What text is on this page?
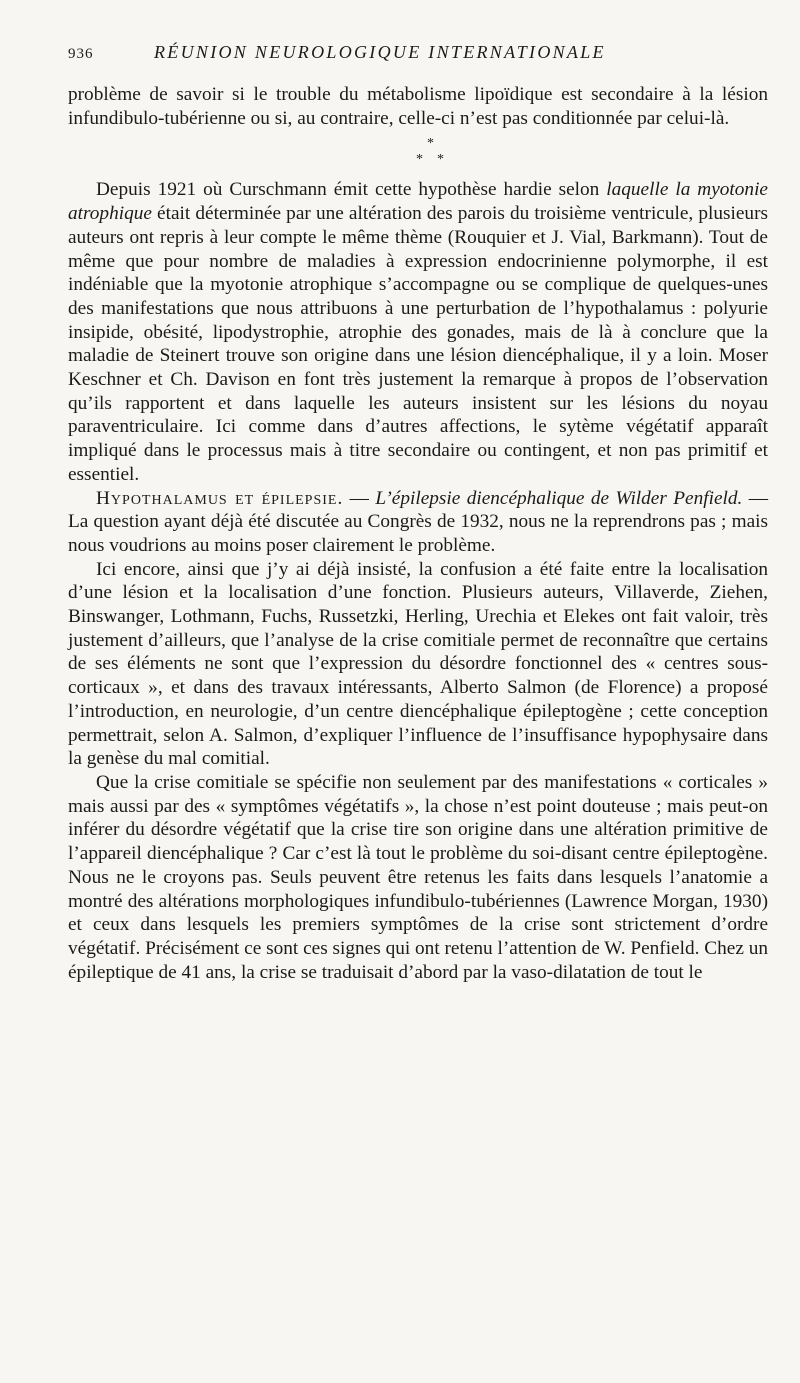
936	RÉUNION NEUROLOGIQUE INTERNATIONALE

problème de savoir si le trouble du métabolisme lipoïdique est secondaire à la lésion infundibulo-tubérienne ou si, au contraire, celle-ci n’est pas conditionnée par celui-là.

*
* *

Depuis 1921 où Curschmann émit cette hypothèse hardie selon laquelle la myotonie atrophique était déterminée par une altération des parois du troisième ventricule, plusieurs auteurs ont repris à leur compte le même thème (Rouquier et J. Vial, Barkmann). Tout de même que pour nombre de maladies à expression endocrinienne polymorphe, il est indéniable que la myotonie atrophique s’accompagne ou se complique de quelques-unes des manifestations que nous attribuons à une perturbation de l’hypothalamus : polyurie insipide, obésité, lipodystrophie, atrophie des gonades, mais de là à conclure que la maladie de Steinert trouve son origine dans une lésion diencéphalique, il y a loin. Moser Keschner et Ch. Davison en font très justement la remarque à propos de l’observation qu’ils rapportent et dans laquelle les auteurs insistent sur les lésions du noyau paraventriculaire. Ici comme dans d’autres affections, le sytème végétatif apparaît impliqué dans le processus mais à titre secondaire ou contingent, et non pas primitif et essentiel.

Hypothalamus et épilepsie. — L’épilepsie diencéphalique de Wilder Penfield. — La question ayant déjà été discutée au Congrès de 1932, nous ne la reprendrons pas ; mais nous voudrions au moins poser clairement le problème.

Ici encore, ainsi que j’y ai déjà insisté, la confusion a été faite entre la localisation d’une lésion et la localisation d’une fonction. Plusieurs auteurs, Villaverde, Ziehen, Binswanger, Lothmann, Fuchs, Russetzki, Herling, Urechia et Elekes ont fait valoir, très justement d’ailleurs, que l’analyse de la crise comitiale permet de reconnaître que certains de ses éléments ne sont que l’expression du désordre fonctionnel des « centres sous-corticaux », et dans des travaux intéressants, Alberto Salmon (de Florence) a proposé l’introduction, en neurologie, d’un centre diencéphalique épileptogène ; cette conception permettrait, selon A. Salmon, d’expliquer l’influence de l’insuffisance hypophysaire dans la genèse du mal comitial.

Que la crise comitiale se spécifie non seulement par des manifestations « corticales » mais aussi par des « symptômes végétatifs », la chose n’est point douteuse ; mais peut-on inférer du désordre végétatif que la crise tire son origine dans une altération primitive de l’appareil diencéphalique ? Car c’est là tout le problème du soi-disant centre épileptogène. Nous ne le croyons pas. Seuls peuvent être retenus les faits dans lesquels l’anatomie a montré des altérations morphologiques infundibulo-tubériennes (Lawrence Morgan, 1930) et ceux dans lesquels les premiers symptômes de la crise sont strictement d’ordre végétatif. Précisément ce sont ces signes qui ont retenu l’attention de W. Penfield. Chez un épileptique de 41 ans, la crise se traduisait d’abord par la vaso-dilatation de tout le
